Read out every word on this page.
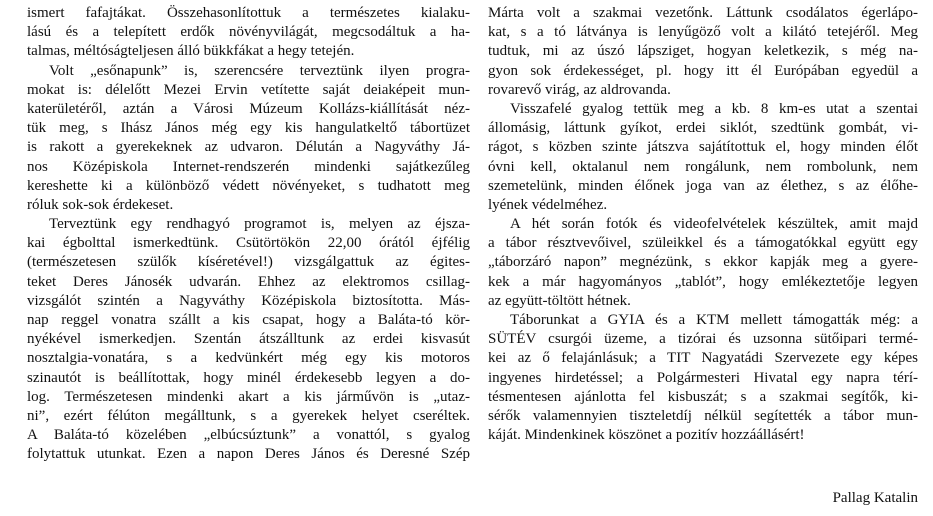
ismert fafajtákat. Összehasonlítottuk a természetes kialaku-
lású és a telepített erdők növényvilágát, megcsodáltuk a ha-
talmas, méltóságteljesen álló bükkfákat a hegy tetején.
Volt „esőnapunk” is, szerencsére terveztünk ilyen progra-
mokat is: délelőtt Mezei Ervin vetítette saját deiaképeit mun-
katerületéről, aztán a Városi Múzeum Kollázs-kiállítását néz-
tük meg, s Ihász János még egy kis hangulatkeltő tábortüzet
is rakott a gyerekeknek az udvaron. Délután a Nagyváthy Já-
nos Középiskola Internet-rendszerén mindenki sajátkezűleg
kereshette ki a különböző védett növényeket, s tudhatott meg
róluk sok-sok érdekeset.
Terveztünk egy rendhagyó programot is, melyen az éjsza-
kai égbolttal ismerkedtünk. Csütörtökön 22,00 órától éjfélig
(természetesen szülők kíséretével!) vizsgálgattuk az égites-
teket Deres Jánosék udvarán. Ehhez az elektromos csillag-
vizsgálót szintén a Nagyváthy Középiskola biztosította. Más-
nap reggel vonatra szállt a kis csapat, hogy a Baláta-tó kör-
nyékével ismerkedjen. Szentán átszálltunk az erdei kisvasút
nosztalgia-vonatára, s a kedvünkért még egy kis motoros
szinautót is beállítottak, hogy minél érdekesebb legyen a do-
log. Természetesen mindenki akart a kis járművön is „utaz-
ni”, ezért félúton megálltunk, s a gyerekek helyet cseréltek.
A Baláta-tó közelében „elbúcsúztunk” a vonattól, s gyalog
folytattuk utunkat. Ezen a napon Deres János és Deresné Szép
Márta volt a szakmai vezetőnk. Láttunk csodálatos égerlápo-
kat, s a tó látványa is lenyűgöző volt a kilátó tetejéről. Meg
tudtuk, mi az úszó lápsziget, hogyan keletkezik, s még na-
gyon sok érdekességet, pl. hogy itt él Európában egyedül a
rovarevő virág, az aldrovanda.
Visszafelé gyalog tettük meg a kb. 8 km-es utat a szentai
állomásig, láttunk gyíkot, erdei siklót, szedtünk gombát, vi-
rágot, s közben szinte játszva sajátítottuk el, hogy minden élőt
óvni kell, oktalanul nem rongálunk, nem rombolunk, nem
szemetelünk, minden élőnek joga van az élethez, s az élőhe-
lyének védelméhez.
A hét során fotók és videofelvételek készültek, amit majd
a tábor résztvevőivel, szüleikkel és a támogatókkal együtt egy
„táborzáró napon” megnézünk, s ekkor kapják meg a gyere-
kek a már hagyományos „tablót”, hogy emlékeztetője legyen
az együtt-töltött hétnek.
Táborunkat a GYIA és a KTM mellett támogatták még: a
SÜTÉV csurgói üzeme, a tizórai és uzsonna sütőipari termé-
kei az ő felajánlásuk; a TIT Nagyatádi Szervezete egy képes
ingyenes hirdetéssel; a Polgármesteri Hivatal egy napra térí-
tésmentesen ajánlotta fel kisbuszát; s a szakmai segítők, ki-
sérők valamennyien tiszteletdíj nélkül segítették a tábor mun-
káját. Mindenkinek köszönet a pozitív hozzáállásért!
Pallag Katalin
